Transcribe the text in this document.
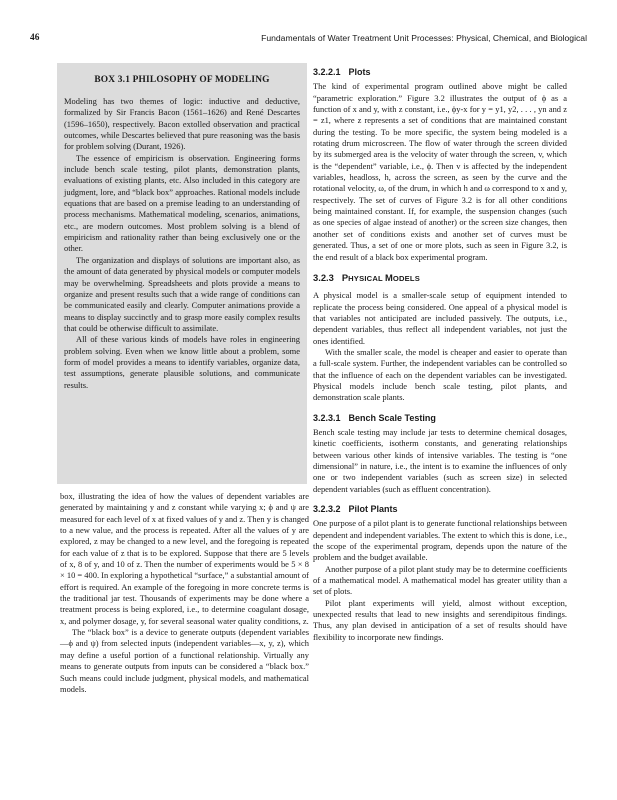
46	Fundamentals of Water Treatment Unit Processes: Physical, Chemical, and Biological
BOX 3.1 PHILOSOPHY OF MODELING

Modeling has two themes of logic: inductive and deductive, formalized by Sir Francis Bacon (1561–1626) and René Descartes (1596–1650), respectively. Bacon extolled observation and practical outcomes, while Descartes believed that pure reasoning was the basis for problem solving (Durant, 1926).

The essence of empiricism is observation. Engineering forms include bench scale testing, pilot plants, demonstration plants, evaluations of existing plants, etc. Also included in this category are judgment, lore, and “black box” approaches. Rational models include equations that are based on a premise leading to an understanding of process mechanisms. Mathematical modeling, scenarios, animations, etc., are modern outcomes. Most problem solving is a blend of empiricism and rationality rather than being exclusively one or the other.

The organization and displays of solutions are important also, as the amount of data generated by physical models or computer models may be overwhelming. Spreadsheets and plots provide a means to organize and present results such that a wide range of conditions can be communicated easily and clearly. Computer animations provide a means to display succinctly and to grasp more easily complex results that could be otherwise difficult to assimilate.

All of these various kinds of models have roles in engineering problem solving. Even when we know little about a problem, some form of model provides a means to identify variables, organize data, test assumptions, generate plausible solutions, and communicate results.

box, illustrating the idea of how the values of dependent variables are generated by maintaining y and z constant while varying x; ϕ and ψ are measured for each level of x at fixed values of y and z. Then y is changed to a new value, and the process is repeated. After all the values of y are explored, z may be changed to a new level, and the foregoing is repeated for each value of z that is to be explored. Suppose that there are 5 levels of x, 8 of y, and 10 of z. Then the number of experiments would be 5 × 8 × 10 = 400. In exploring a hypothetical “surface,” a substantial amount of effort is required. An example of the foregoing in more concrete terms is the traditional jar test. Thousands of experiments may be done where a treatment process is being explored, i.e., to determine coagulant dosage, x, and polymer dosage, y, for several seasonal water quality conditions, z.

The “black box” is a device to generate outputs (dependent variables—ϕ and ψ) from selected inputs (independent variables—x, y, z), which may define a useful portion of a functional relationship. Virtually any means to generate outputs from inputs can be considered a “black box.” Such means could include judgment, physical models, and mathematical models.

3.2.2.1 Plots

The kind of experimental program outlined above might be called “parametric exploration.” Figure 3.2 illustrates the output of ϕ as a function of x and y, with z constant, i.e., ϕy-x for y = y1, y2, . . . , yn and z = z1, where z represents a set of conditions that are maintained constant during the testing. To be more specific, the system being modeled is a rotating drum microscreen. The flow of water through the screen divided by its submerged area is the velocity of water through the screen, v, which is the “dependent” variable, i.e., ϕ. Then v is affected by the independent variables, headloss, h, across the screen, as seen by the curve and the rotational velocity, ω, of the drum, in which h and ω correspond to x and y, respectively. The set of curves of Figure 3.2 is for all other conditions being maintained constant. If, for example, the suspension changes (such as one species of algae instead of another) or the screen size changes, then another set of conditions exists and another set of curves must be generated. Thus, a set of one or more plots, such as seen in Figure 3.2, is the end result of a black box experimental program.

3.2.3 PHYSICAL MODELS

A physical model is a smaller-scale setup of equipment intended to replicate the process being considered. One appeal of a physical model is that variables not anticipated are included passively. The outputs, i.e., dependent variables, thus reflect all independent variables, not just the ones identified.

With the smaller scale, the model is cheaper and easier to operate than a full-scale system. Further, the independent variables can be controlled so that the influence of each on the dependent variables can be investigated. Physical models include bench scale testing, pilot plants, and demonstration scale plants.

3.2.3.1 Bench Scale Testing

Bench scale testing may include jar tests to determine chemical dosages, kinetic coefficients, isotherm constants, and generating relationships between various other kinds of intensive variables. The testing is “one dimensional” in nature, i.e., the intent is to examine the influences of only one or two independent variables (such as screen size) in selected dependent variables (such as effluent concentration).

3.2.3.2 Pilot Plants

One purpose of a pilot plant is to generate functional relationships between dependent and independent variables. The extent to which this is done, i.e., the scope of the experimental program, depends upon the nature of the problem and the budget available.

Another purpose of a pilot plant study may be to determine coefficients of a mathematical model. A mathematical model has greater utility than a set of plots.

Pilot plant experiments will yield, almost without exception, unexpected results that lead to new insights and serendipitous findings. Thus, any plan devised in anticipation of a set of results should have flexibility to incorporate new findings.
